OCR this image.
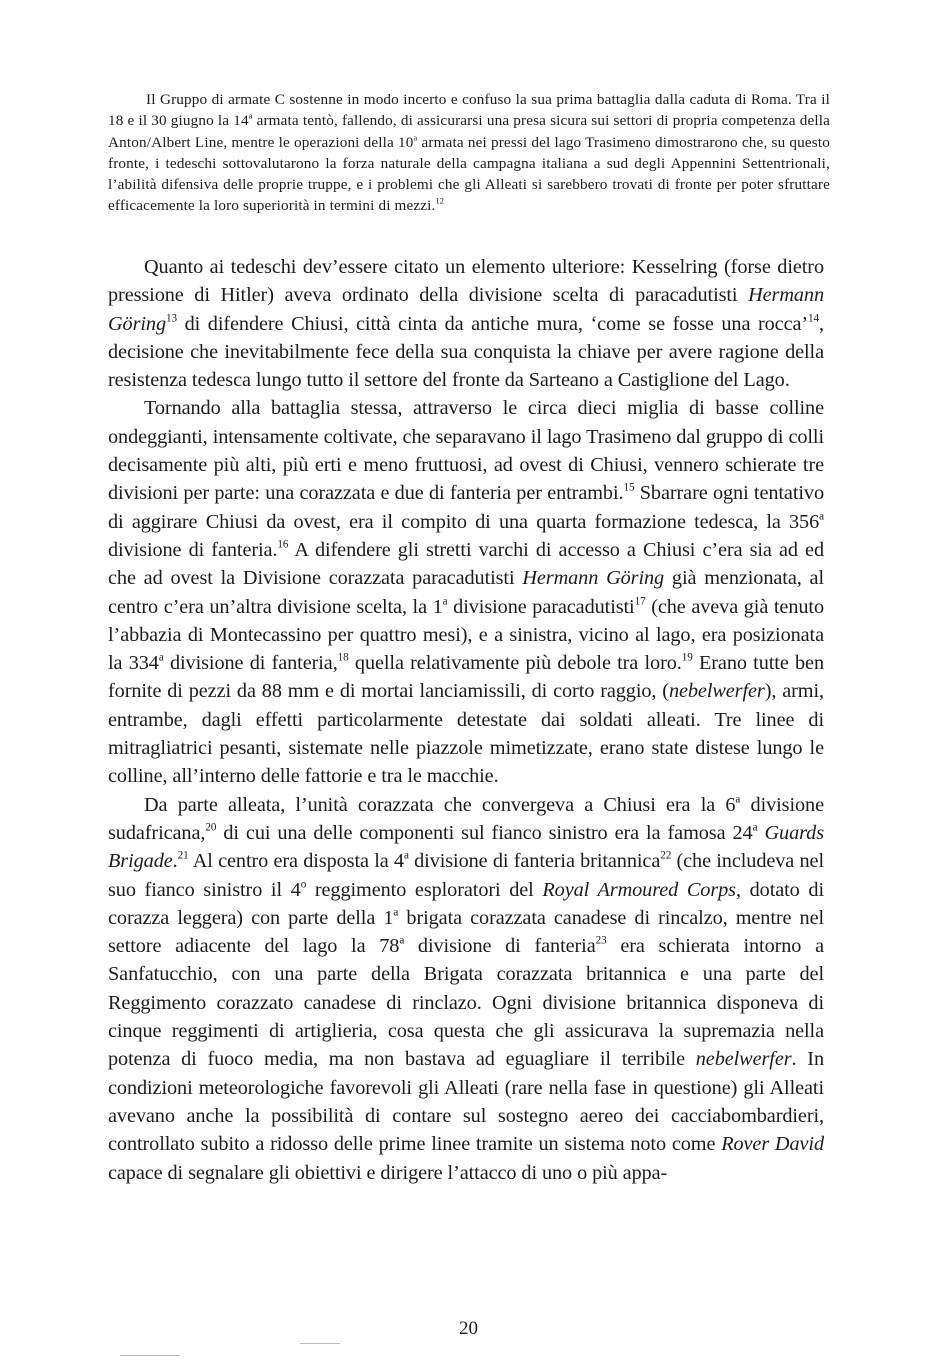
Il Gruppo di armate C sostenne in modo incerto e confuso la sua prima battaglia dalla caduta di Roma. Tra il 18 e il 30 giugno la 14$^a$ armata tentò, fallendo, di assicurarsi una presa sicura sui settori di propria competenza della Anton/Albert Line, mentre le operazioni della 10$^a$ armata nei pressi del lago Trasimeno dimostrarono che, su questo fronte, i tedeschi sottovalutarono la forza naturale della campagna italiana a sud degli Appennini Settentrionali, l’abilità difensiva delle proprie truppe, e i problemi che gli Alleati si sarebbero trovati di fronte per poter sfruttare efficacemente la loro superiorità in termini di mezzi.$^{12}$

Quanto ai tedeschi dev’essere citato un elemento ulteriore: Kesselring (forse dietro pressione di Hitler) aveva ordinato della divisione scelta di paracadutisti Hermann Göring$^{13}$ di difendere Chiusi, città cinta da antiche mura, ‘come se fosse una rocca’$^{14}$, decisione che inevitabilmente fece della sua conquista la chiave per avere ragione della resistenza tedesca lungo tutto il settore del fronte da Sarteano a Castiglione del Lago.

Tornando alla battaglia stessa, attraverso le circa dieci miglia di basse colline ondeggianti, intensamente coltivate, che separavano il lago Trasimeno dal gruppo di colli decisamente più alti, più erti e meno fruttuosi, ad ovest di Chiusi, vennero schierate tre divisioni per parte: una corazzata e due di fanteria per entrambi.$^{15}$ Sbarrare ogni tentativo di aggirare Chiusi da ovest, era il compito di una quarta formazione tedesca, la 356$^a$ divisione di fanteria.$^{16}$ A difendere gli stretti varchi di accesso a Chiusi c’era sia ad ed che ad ovest la Divisione corazzata paracadutisti Hermann Göring già menzionata, al centro c’era un’altra divisione scelta, la 1$^a$ divisione paracadutisti$^{17}$ (che aveva già tenuto l’abbazia di Montecassino per quattro mesi), e a sinistra, vicino al lago, era posizionata la 334$^a$ divisione di fanteria,$^{18}$ quella relativamente più debole tra loro.$^{19}$ Erano tutte ben fornite di pezzi da 88 mm e di mortai lanciamissili, di corto raggio, (nebelwerfer), armi, entrambe, dagli effetti particolarmente detestate dai soldati alleati. Tre linee di mitragliatrici pesanti, sistemate nelle piazzole mimetizzate, erano state distese lungo le colline, all’interno delle fattorie e tra le macchie.

Da parte alleata, l’unità corazzata che convergeva a Chiusi era la 6$^a$ divisione sudafricana,$^{20}$ di cui una delle componenti sul fianco sinistro era la famosa 24$^a$ Guards Brigade.$^{21}$ Al centro era disposta la 4$^a$ divisione di fanteria britannica$^{22}$ (che includeva nel suo fianco sinistro il 4$^o$ reggimento esploratori del Royal Armoured Corps, dotato di corazza leggera) con parte della 1$^a$ brigata corazzata canadese di rincalzo, mentre nel settore adiacente del lago la 78$^a$ divisione di fanteria$^{23}$ era schierata intorno a Sanfatucchio, con una parte della Brigata corazzata britannica e una parte del Reggimento corazzato canadese di rinclazo. Ogni divisione britannica disponeva di cinque reggimenti di artiglieria, cosa questa che gli assicurava la supremazia nella potenza di fuoco media, ma non bastava ad eguagliare il terribile nebelwerfer. In condizioni meteorologiche favorevoli gli Alleati (rare nella fase in questione) gli Alleati avevano anche la possibilità di contare sul sostegno aereo dei cacciabombardieri, controllato subito a ridosso delle prime linee tramite un sistema noto come Rover David capace di segnalare gli obiettivi e dirigere l’attacco di uno o più appa-

20
